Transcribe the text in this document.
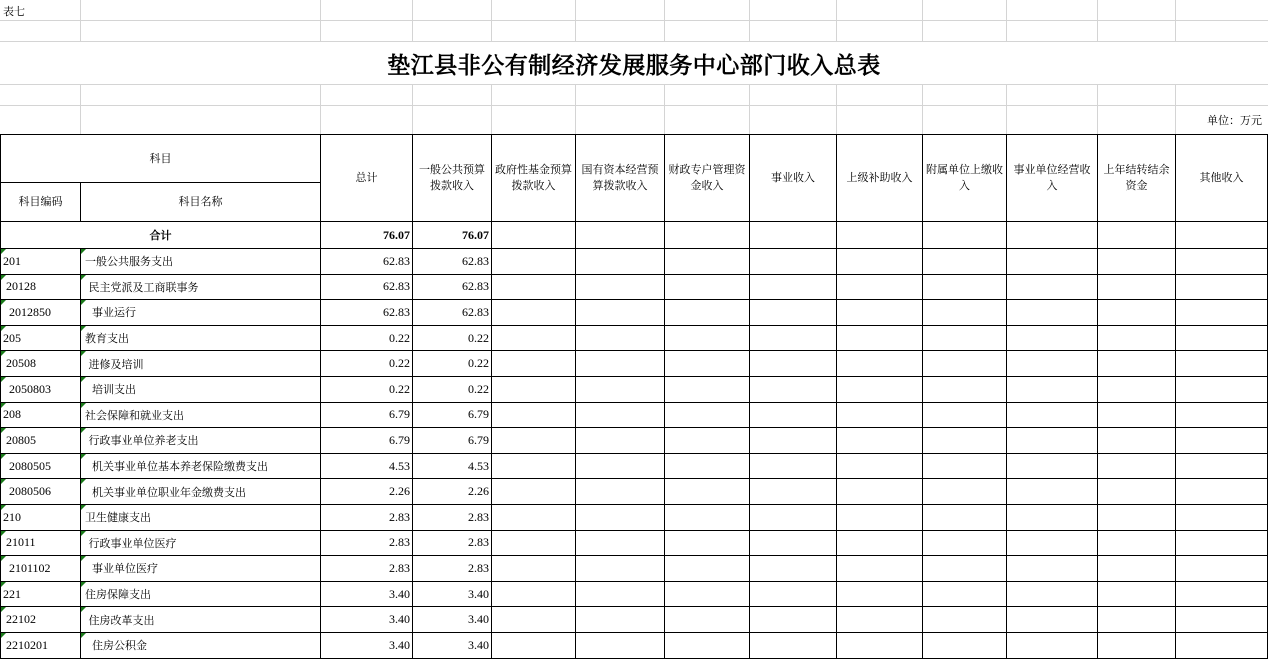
表七
垫江县非公有制经济发展服务中心部门收入总表
单位：万元
科目		总计	一般公共预算拨款收入	政府性基金预算拨款收入	国有资本经营预算拨款收入	财政专户管理资金收入	事业收入	上级补助收入	附属单位上缴收入	事业单位经营收入	上年结转结余资金	其他收入
科目编码	科目名称											
合计		76.07	76.07									

201	一般公共服务支出	62.83	62.83									

20128	民主党派及工商联事务	62.83	62.83									

2012850	事业运行	62.83	62.83									

205	教育支出	0.22	0.22									

20508	进修及培训	0.22	0.22									

2050803	培训支出	0.22	0.22									

208	社会保障和就业支出	6.79	6.79									

20805	行政事业单位养老支出	6.79	6.79									

2080505	机关事业单位基本养老保险缴费支出	4.53	4.53									

2080506	机关事业单位职业年金缴费支出	2.26	2.26									

210	卫生健康支出	2.83	2.83									

21011	行政事业单位医疗	2.83	2.83									

2101102	事业单位医疗	2.83	2.83									

221	住房保障支出	3.40	3.40									

22102	住房改革支出	3.40	3.40									

2210201	住房公积金	3.40	3.40									
